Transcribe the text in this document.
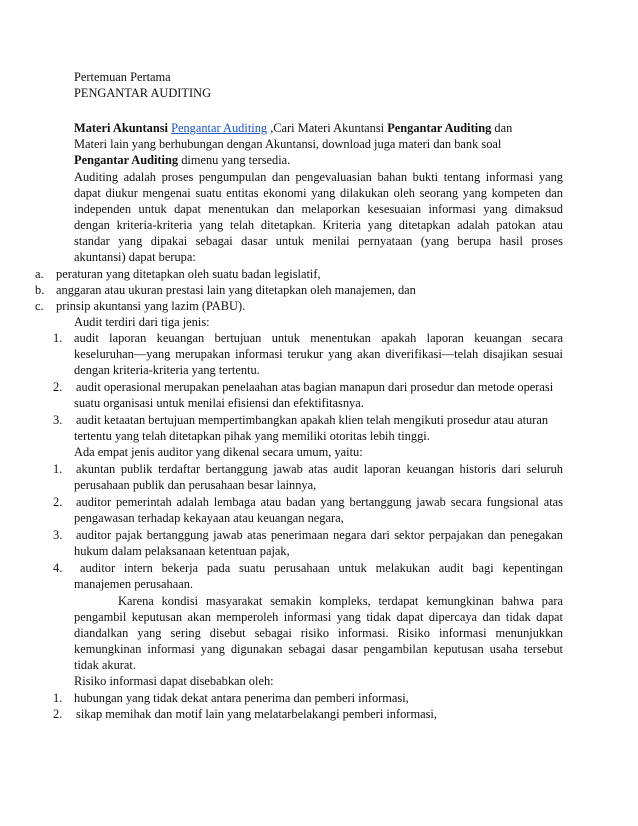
Pertemuan Pertama
PENGANTAR AUDITING
Materi Akuntansi Pengantar Auditing ,Cari Materi Akuntansi Pengantar Auditing dan
Materi lain yang berhubungan dengan Akuntansi, download juga materi dan bank soal
Pengantar Auditing dimenu yang tersedia.
Auditing adalah proses pengumpulan dan pengevaluasian bahan bukti tentang informasi yang
dapat diukur mengenai suatu entitas ekonomi yang dilakukan oleh seorang yang kompeten dan
independen untuk dapat menentukan dan melaporkan kesesuaian informasi yang dimaksud
dengan kriteria-kriteria yang telah ditetapkan. Kriteria yang ditetapkan adalah patokan atau
standar yang dipakai sebagai dasar untuk menilai pernyataan (yang berupa hasil proses
akuntansi) dapat berupa:
a. peraturan yang ditetapkan oleh suatu badan legislatif,
b. anggaran atau ukuran prestasi lain yang ditetapkan oleh manajemen, dan
c. prinsip akuntansi yang lazim (PABU).
Audit terdiri dari tiga jenis:
1. audit laporan keuangan bertujuan untuk menentukan apakah laporan keuangan secara
keseluruhan—yang merupakan informasi terukur yang akan diverifikasi—telah disajikan sesuai
dengan kriteria-kriteria yang tertentu.
2. audit operasional merupakan penelaahan atas bagian manapun dari prosedur dan metode operasi
suatu organisasi untuk menilai efisiensi dan efektifitasnya.
3. audit ketaatan bertujuan mempertimbangkan apakah klien telah mengikuti prosedur atau aturan
tertentu yang telah ditetapkan pihak yang memiliki otoritas lebih tinggi.
Ada empat jenis auditor yang dikenal secara umum, yaitu:
1. akuntan publik terdaftar bertanggung jawab atas audit laporan keuangan historis dari seluruh
perusahaan publik dan perusahaan besar lainnya,
2. auditor pemerintah adalah lembaga atau badan yang bertanggung jawab secara fungsional atas
pengawasan terhadap kekayaan atau keuangan negara,
3. auditor pajak bertanggung jawab atas penerimaan negara dari sektor perpajakan dan penegakan
hukum dalam pelaksanaan ketentuan pajak,
4. auditor intern bekerja pada suatu perusahaan untuk melakukan audit bagi kepentingan
manajemen perusahaan.
Karena kondisi masyarakat semakin kompleks, terdapat kemungkinan bahwa para
pengambil keputusan akan memperoleh informasi yang tidak dapat dipercaya dan tidak dapat
diandalkan yang sering disebut sebagai risiko informasi. Risiko informasi menunjukkan
kemungkinan informasi yang digunakan sebagai dasar pengambilan keputusan usaha tersebut
tidak akurat.
Risiko informasi dapat disebabkan oleh:
1. hubungan yang tidak dekat antara penerima dan pemberi informasi,
2. sikap memihak dan motif lain yang melatarbelakangi pemberi informasi,
